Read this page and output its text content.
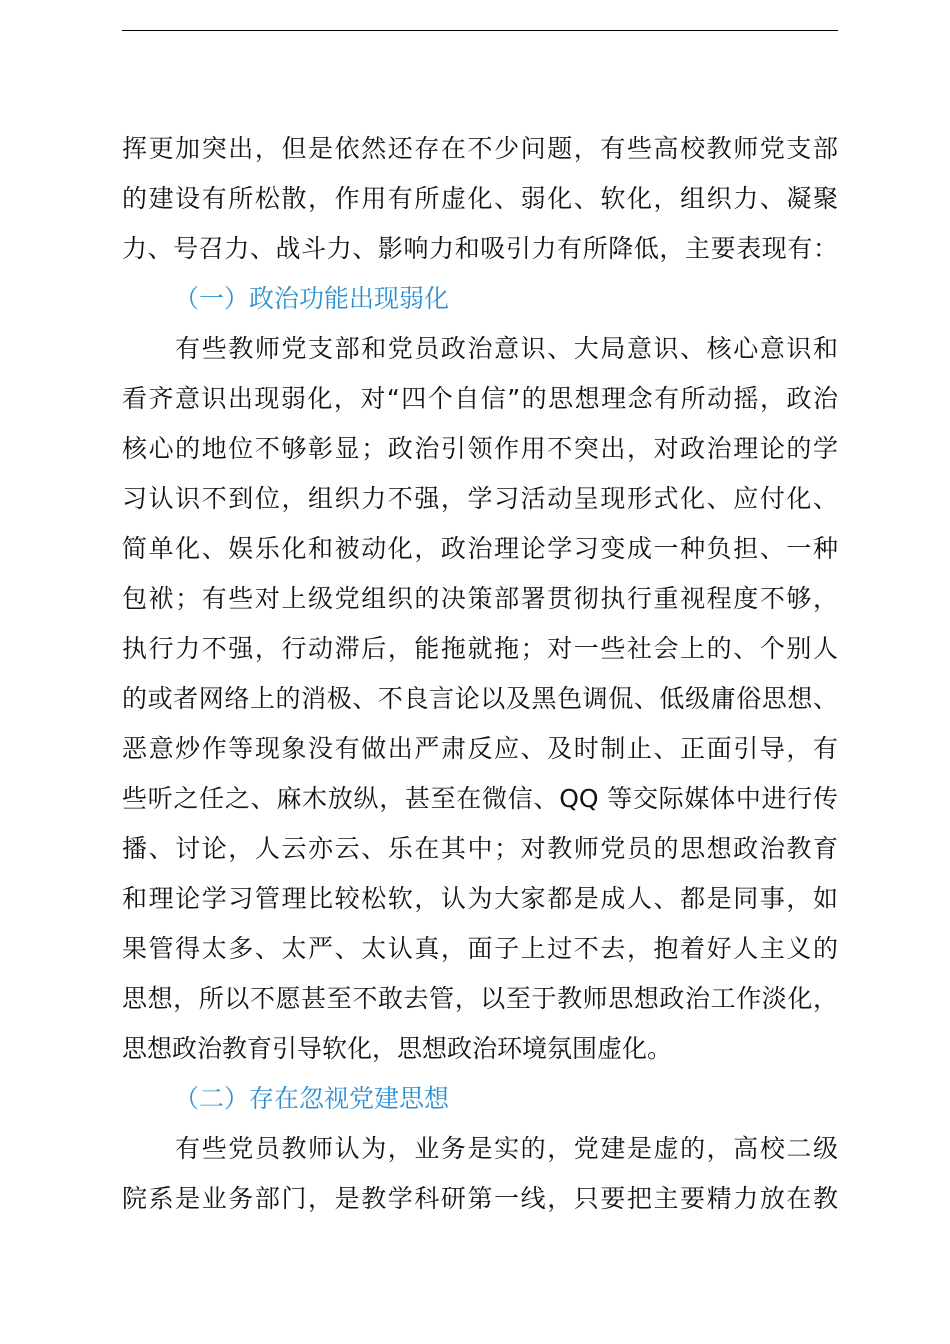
挥更加突出，但是依然还存在不少问题，有些高校教师党支部
的建设有所松散，作用有所虚化、弱化、软化，组织力、凝聚
力、号召力、战斗力、影响力和吸引力有所降低，主要表现有：
（一）政治功能出现弱化
　　有些教师党支部和党员政治意识、大局意识、核心意识和
看齐意识出现弱化，对“四个自信”的思想理念有所动摇，政治
核心的地位不够彰显；政治引领作用不突出，对政治理论的学
习认识不到位，组织力不强，学习活动呈现形式化、应付化、
简单化、娱乐化和被动化，政治理论学习变成一种负担、一种
包袱；有些对上级党组织的决策部署贯彻执行重视程度不够，
执行力不强，行动滞后，能拖就拖；对一些社会上的、个别人
的或者网络上的消极、不良言论以及黑色调侃、低级庸俗思想、
恶意炒作等现象没有做出严肃反应、及时制止、正面引导，有
些听之任之、麻木放纵，甚至在微信、QQ 等交际媒体中进行传
播、讨论，人云亦云、乐在其中；对教师党员的思想政治教育
和理论学习管理比较松软，认为大家都是成人、都是同事，如
果管得太多、太严、太认真，面子上过不去，抱着好人主义的
思想，所以不愿甚至不敢去管，以至于教师思想政治工作淡化，
思想政治教育引导软化，思想政治环境氛围虚化。
（二）存在忽视党建思想
　　有些党员教师认为，业务是实的，党建是虚的，高校二级
院系是业务部门，是教学科研第一线，只要把主要精力放在教
